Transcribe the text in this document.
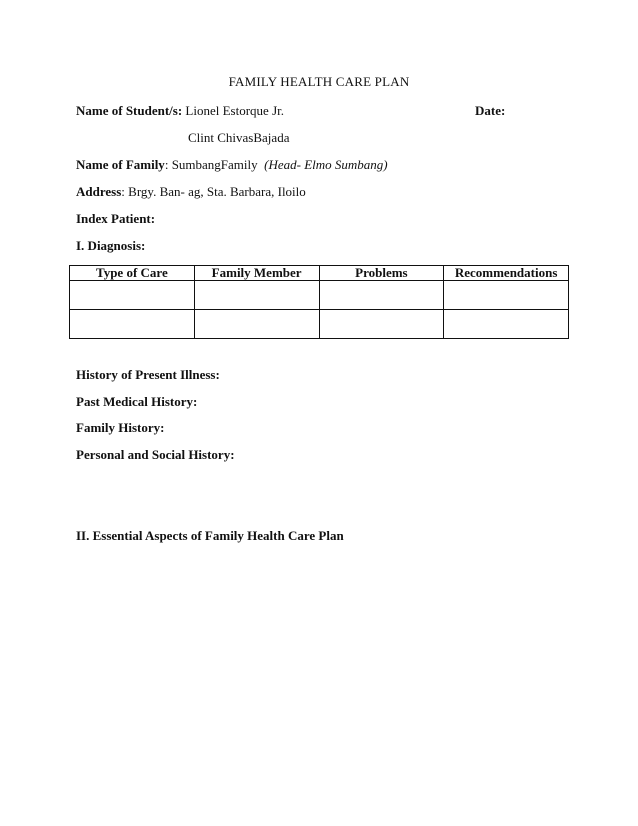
FAMILY HEALTH CARE PLAN
Name of Student/s: Lionel Estorque Jr.	Date:
Clint ChivasBajada
Name of Family: SumbangFamily (Head- Elmo Sumbang)
Address: Brgy. Ban- ag, Sta. Barbara, Iloilo
Index Patient:
I. Diagnosis:
Type of Care	Family Member	Problems	Recommendations

History of Present Illness:
Past Medical History:
Family History:
Personal and Social History:
II. Essential Aspects of Family Health Care Plan
